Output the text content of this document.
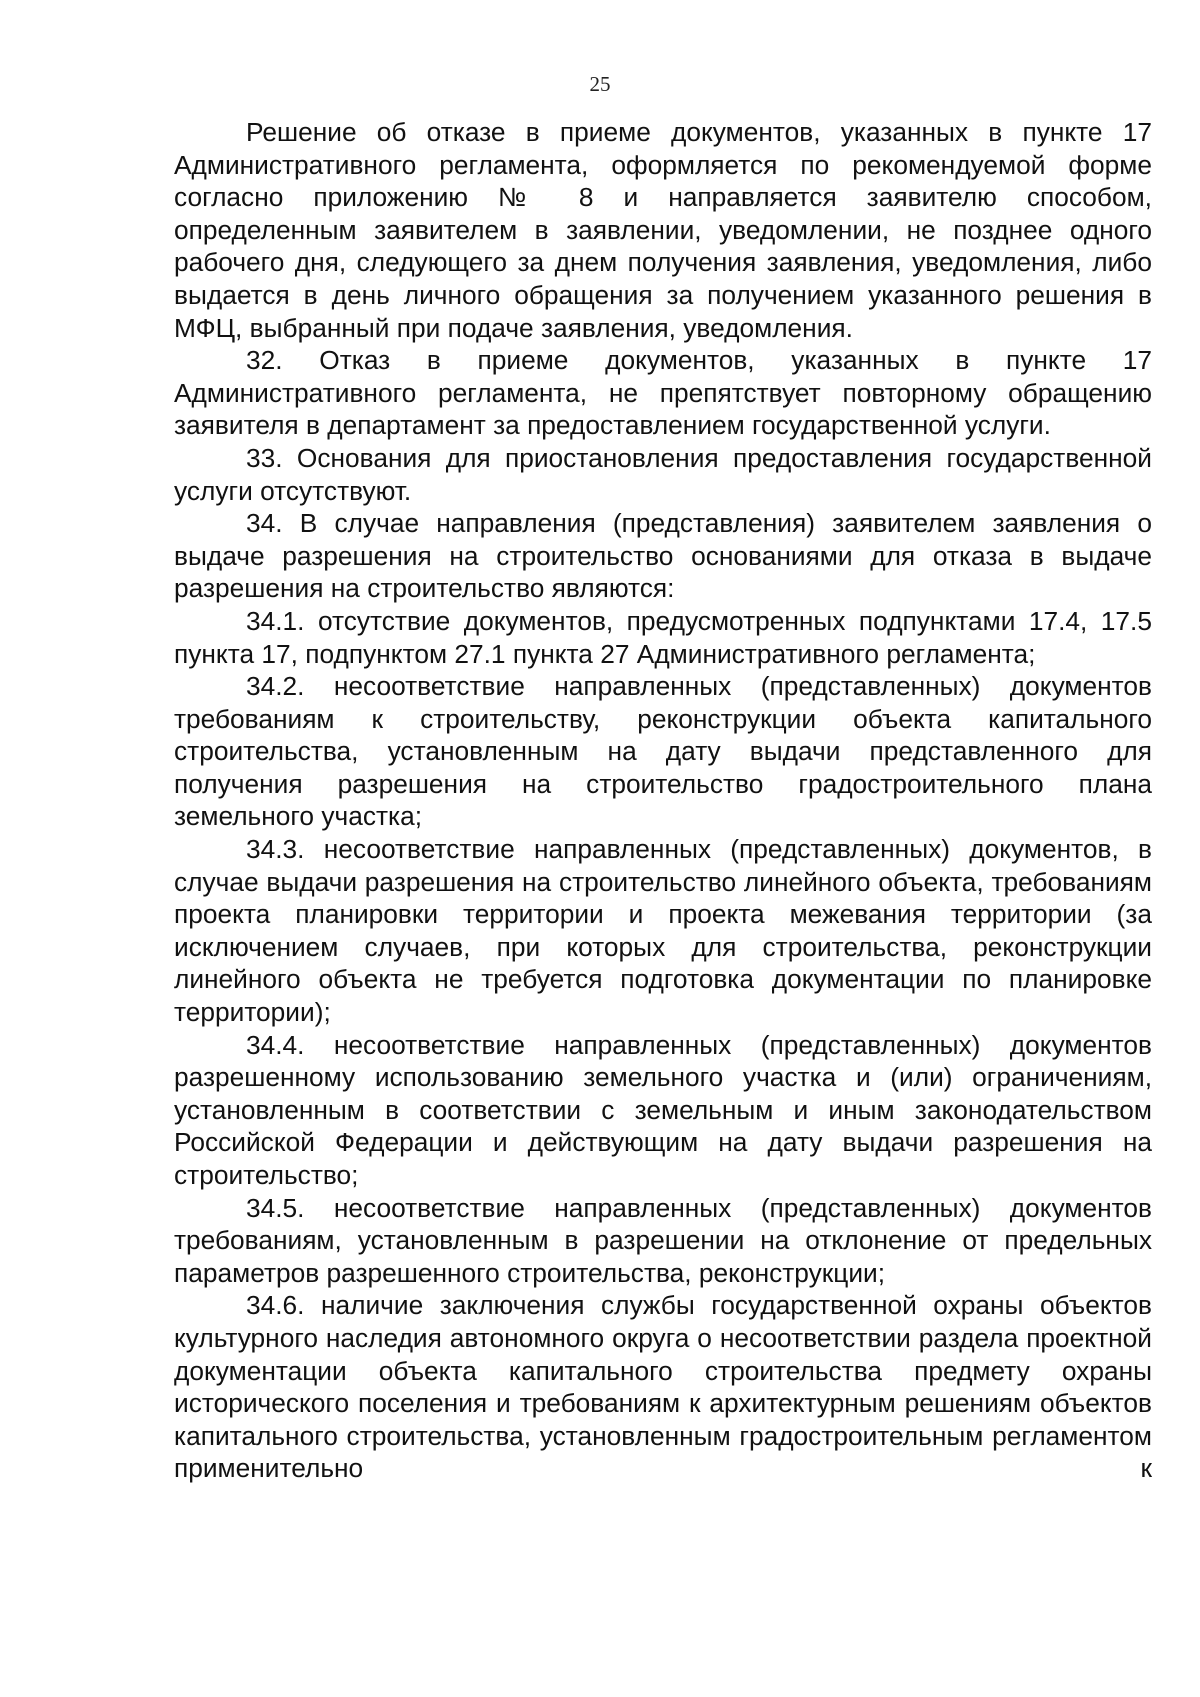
25

Решение об отказе в приеме документов, указанных в пункте 17 Административного регламента, оформляется по рекомендуемой форме согласно приложению № 8 и направляется заявителю способом, определенным заявителем в заявлении, уведомлении, не позднее одного рабочего дня, следующего за днем получения заявления, уведомления, либо выдается в день личного обращения за получением указанного решения в МФЦ, выбранный при подаче заявления, уведомления.

32. Отказ в приеме документов, указанных в пункте 17 Административного регламента, не препятствует повторному обращению заявителя в департамент за предоставлением государственной услуги.

33. Основания для приостановления предоставления государственной услуги отсутствуют.

34. В случае направления (представления) заявителем заявления о выдаче разрешения на строительство основаниями для отказа в выдаче разрешения на строительство являются:

34.1. отсутствие документов, предусмотренных подпунктами 17.4, 17.5 пункта 17, подпунктом 27.1 пункта 27 Административного регламента;

34.2. несоответствие направленных (представленных) документов требованиям к строительству, реконструкции объекта капитального строительства, установленным на дату выдачи представленного для получения разрешения на строительство градостроительного плана земельного участка;

34.3. несоответствие направленных (представленных) документов, в случае выдачи разрешения на строительство линейного объекта, требованиям проекта планировки территории и проекта межевания территории (за исключением случаев, при которых для строительства, реконструкции линейного объекта не требуется подготовка документации по планировке территории);

34.4. несоответствие направленных (представленных) документов разрешенному использованию земельного участка и (или) ограничениям, установленным в соответствии с земельным и иным законодательством Российской Федерации и действующим на дату выдачи разрешения на строительство;

34.5. несоответствие направленных (представленных) документов требованиям, установленным в разрешении на отклонение от предельных параметров разрешенного строительства, реконструкции;

34.6. наличие заключения службы государственной охраны объектов культурного наследия автономного округа о несоответствии раздела проектной документации объекта капитального строительства предмету охраны исторического поселения и требованиям к архитектурным решениям объектов капитального строительства, установленным градостроительным регламентом применительно к
